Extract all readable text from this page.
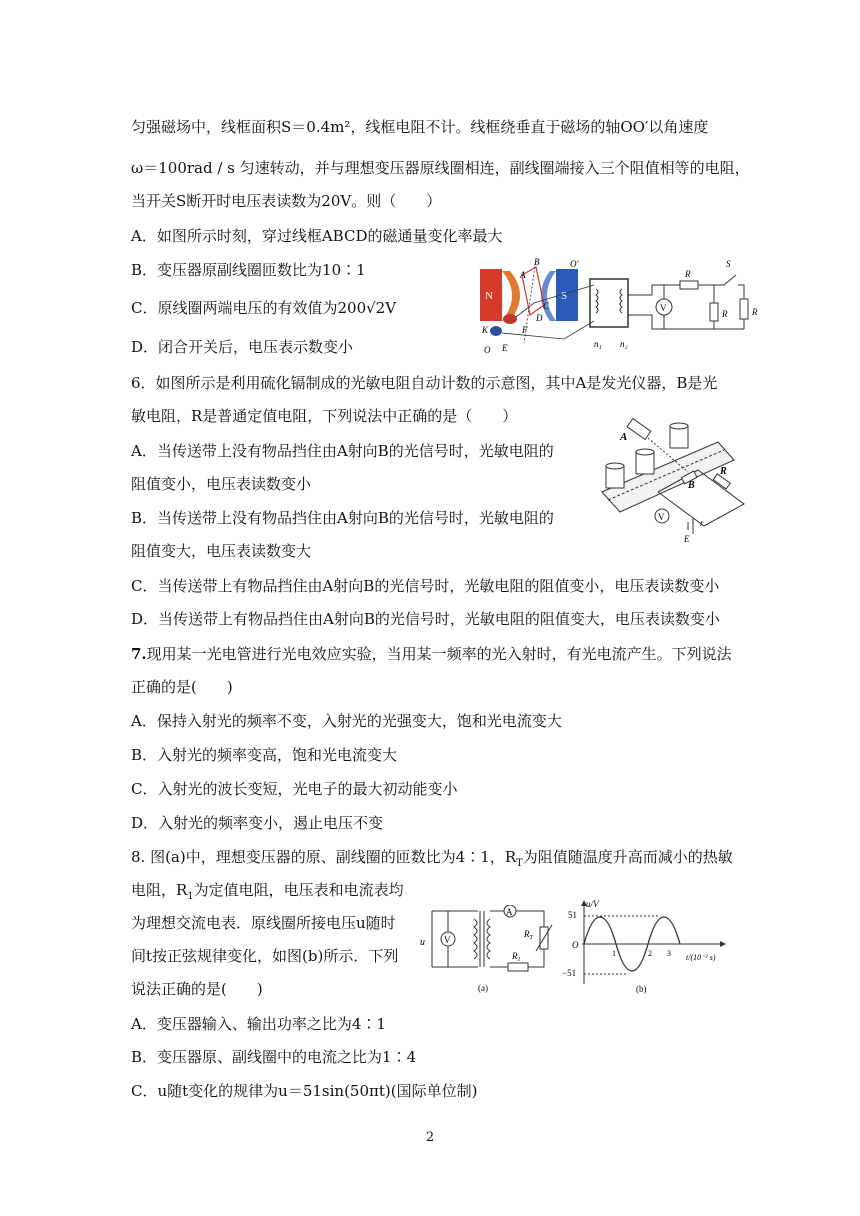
匀强磁场中，线框面积S＝0.4m²，线框电阻不计。线框绕垂直于磁场的轴OO′以角速度
ω＝100rad / s 匀速转动，并与理想变压器原线圈相连，副线圈端接入三个阻值相等的电阻，
当开关S断开时电压表读数为20V。则（　　）
A．如图所示时刻，穿过线框ABCD的磁通量变化率最大
B．变压器原副线圈匝数比为10∶1
C．原线圈两端电压的有效值为200√2V
D．闭合开关后，电压表示数变小
N	S
A
B
C
D
F
E
K
O
O′
n₁ n₂
V
R
R
S
R
6．如图所示是利用硫化镉制成的光敏电阻自动计数的示意图，其中A是发光仪器，B是光
敏电阻，R是普通定值电阻，下列说法中正确的是（　　）
A．当传送带上没有物品挡住由A射向B的光信号时，光敏电阻的
阻值变小，电压表读数变小
B．当传送带上没有物品挡住由A射向B的光信号时，光敏电阻的
阻值变大，电压表读数变大
C．当传送带上有物品挡住由A射向B的光信号时，光敏电阻的阻值变小，电压表读数变小
D．当传送带上有物品挡住由A射向B的光信号时，光敏电阻的阻值变大，电压表读数变小
A
B
R
V
E
r
7.现用某一光电管进行光电效应实验，当用某一频率的光入射时，有光电流产生。下列说法
正确的是(　　)
A．保持入射光的频率不变，入射光的光强变大，饱和光电流变大
B．入射光的频率变高，饱和光电流变大
C．入射光的波长变短，光电子的最大初动能变小
D．入射光的频率变小，遏止电压不变
8. 图(a)中，理想变压器的原、副线圈的匝数比为4∶1，$R_T$为阻值随温度升高而减小的热敏
电阻，$R_1$为定值电阻，电压表和电流表均
为理想交流电表．原线圈所接电压u随时
间t按正弦规律变化，如图(b)所示．下列
说法正确的是(　　)
A．变压器输入、输出功率之比为4∶1
B．变压器原、副线圈中的电流之比为1∶4
C．u随t变化的规律为u＝51sin(50πt)(国际单位制)
u V
A
$R_T$
$R_1$
(a)
u/V
t/(10⁻² s)
51
−51
O
1	2 3
(b)
2
